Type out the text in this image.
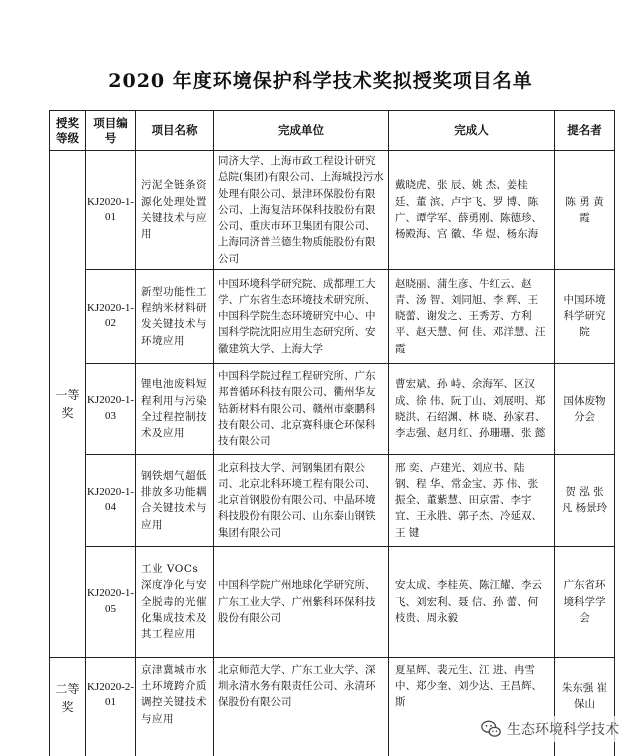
2020 年度环境保护科学技术奖拟授奖项目名单
授奖等级	项目编号	项目名称	完成单位	完成人	提名者

一等奖	KJ2020-1-01	污泥全链条资源化处理处置关键技术与应用	同济大学、上海市政工程设计研究总院(集团)有限公司、上海城投污水处理有限公司、景津环保股份有限公司、上海复洁环保科技股份有限公司、重庆市环卫集团有限公司、上海同济普兰德生物质能股份有限公司	戴晓虎、张 辰、姚 杰、姜桂廷、董 滨、卢宇飞、罗 博、陈 广、谭学军、薛勇刚、陈德珍、杨殿海、宫 徽、华 煜、杨东海	陈 勇 黄 霞
	KJ2020-1-02	新型功能性工程纳米材料研发关键技术与环境应用	中国环境科学研究院、成都理工大学、广东省生态环境技术研究所、中国科学院生态环境研究中心、中国科学院沈阳应用生态研究所、安徽建筑大学、上海大学	赵晓丽、蒲生彦、牛红云、赵 青、汤 智、刘同旭、李 辉、王晓蕾、谢发之、王秀芳、方利平、赵天慧、何 佳、邓洋慧、汪 霞	中国环境科学研究院
	KJ2020-1-03	锂电池废料短程利用与污染全过程控制技术及应用	中国科学院过程工程研究所、广东邦普循环科技有限公司、衢州华友钴新材料有限公司、赣州市豪鹏科技有限公司、北京赛科康仑环保科技有限公司	曹宏斌、孙 峙、余海军、区汉成、徐 伟、阮丁山、刘展明、郑晓洪、石绍渊、林 晓、孙家君、李志强、赵月红、孙珊珊、张 懿	国体废物分会
	KJ2020-1-04	钢铁烟气超低排放多功能耦合关键技术与应用	北京科技大学、河钢集团有限公司、北京北科环境工程有限公司、北京首钢股份有限公司、中晶环境科技股份有限公司、山东泰山钢铁集团有限公司	邢 奕、卢建光、刘应书、陆 钢、程 华、常金宝、苏 伟、张振全、董紫慧、田京雷、李宇宜、王永胜、郭子杰、冷延双、王 键	贺 泓 张 凡 杨景玲
	KJ2020-1-05	工业 VOCs 深度净化与安全脱毒的光催化集成技术及其工程应用	中国科学院广州地球化学研究所、广东工业大学、广州紫科环保科技股份有限公司	安太成、李桂英、陈江耀、李云飞、刘宏利、聂 信、孙 蕾、何枝贵、周永毅	广东省环境科学学会

二等奖	KJ2020-2-01	京津冀城市水土环境跨介质调控关键技术与应用	北京师范大学、广东工业大学、深圳永清水务有限责任公司、永清环保股份有限公司	夏星辉、裴元生、江 进、冉雪中、郑少奎、刘少达、王昌辉、斯	朱东强 崔保山
生态环境科学技术
